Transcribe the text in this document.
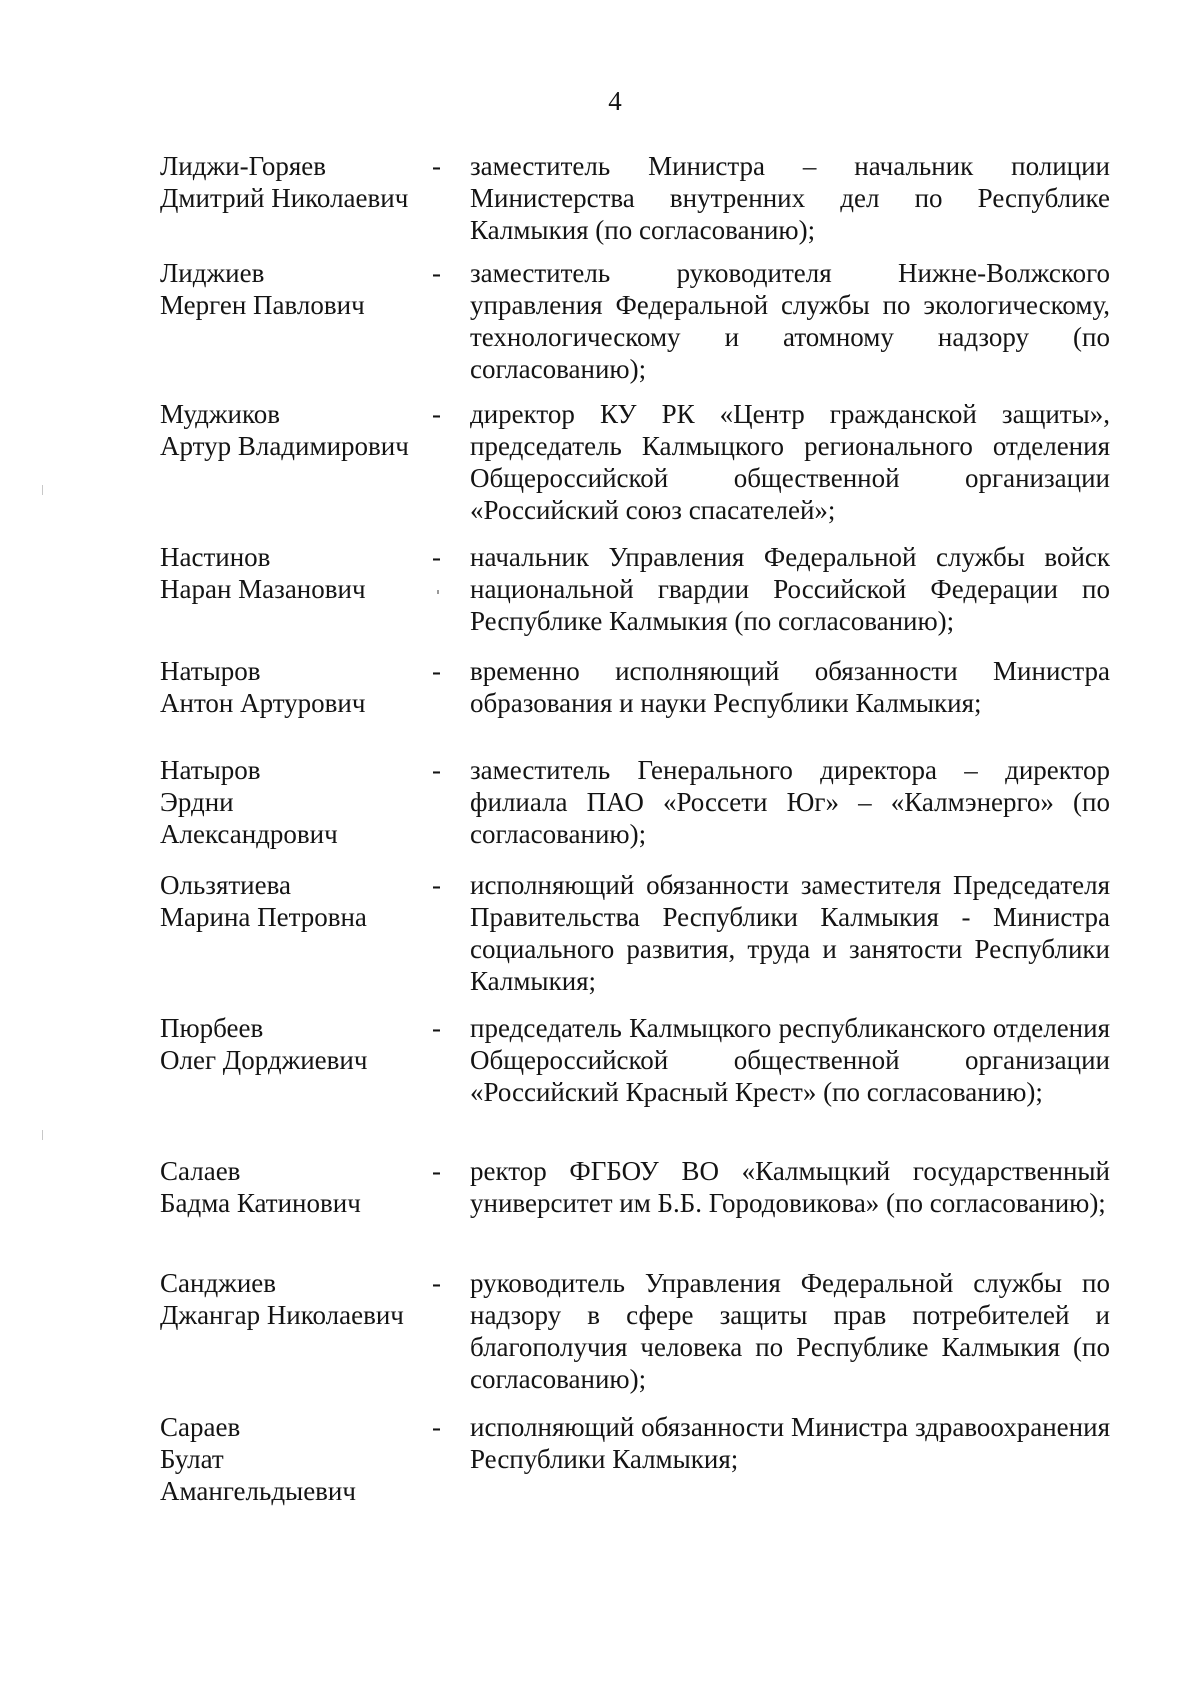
4
Лиджи-Горяев
Дмитрий Николаевич
- заместитель Министра – начальник полиции Министерства внутренних дел по Республике Калмыкия (по согласованию);
Лиджиев
Мерген Павлович
- заместитель руководителя Нижне-Волжского управления Федеральной службы по экологическому, технологическому и атомному надзору (по согласованию);
Муджиков
Артур Владимирович
- директор КУ РК «Центр гражданской защиты», председатель Калмыцкого регионального отделения Общероссийской общественной организации «Российский союз спасателей»;
Настинов
Наран Мазанович
- начальник Управления Федеральной службы войск национальной гвардии Российской Федерации по Республике Калмыкия (по согласованию);
Натыров
Антон Артурович
- временно исполняющий обязанности Министра образования и науки Республики Калмыкия;
Натыров
Эрдни
Александрович
- заместитель Генерального директора – директор филиала ПАО «Россети Юг» – «Калмэнерго» (по согласованию);
Ользятиева
Марина Петровна
- исполняющий обязанности заместителя Председателя Правительства Республики Калмыкия - Министра социального развития, труда и занятости Республики Калмыкия;
Пюрбеев
Олег Дорджиевич
- председатель Калмыцкого республиканского отделения Общероссийской общественной организации «Российский Красный Крест» (по согласованию);
Салаев
Бадма Катинович
- ректор ФГБОУ ВО «Калмыцкий государственный университет им Б.Б. Городовикова» (по согласованию);
Санджиев
Джангар Николаевич
- руководитель Управления Федеральной службы по надзору в сфере защиты прав потребителей и благополучия человека по Республике Калмыкия (по согласованию);
Сараев
Булат
Амангельдыевич
- исполняющий обязанности Министра здравоохранения Республики Калмыкия;
